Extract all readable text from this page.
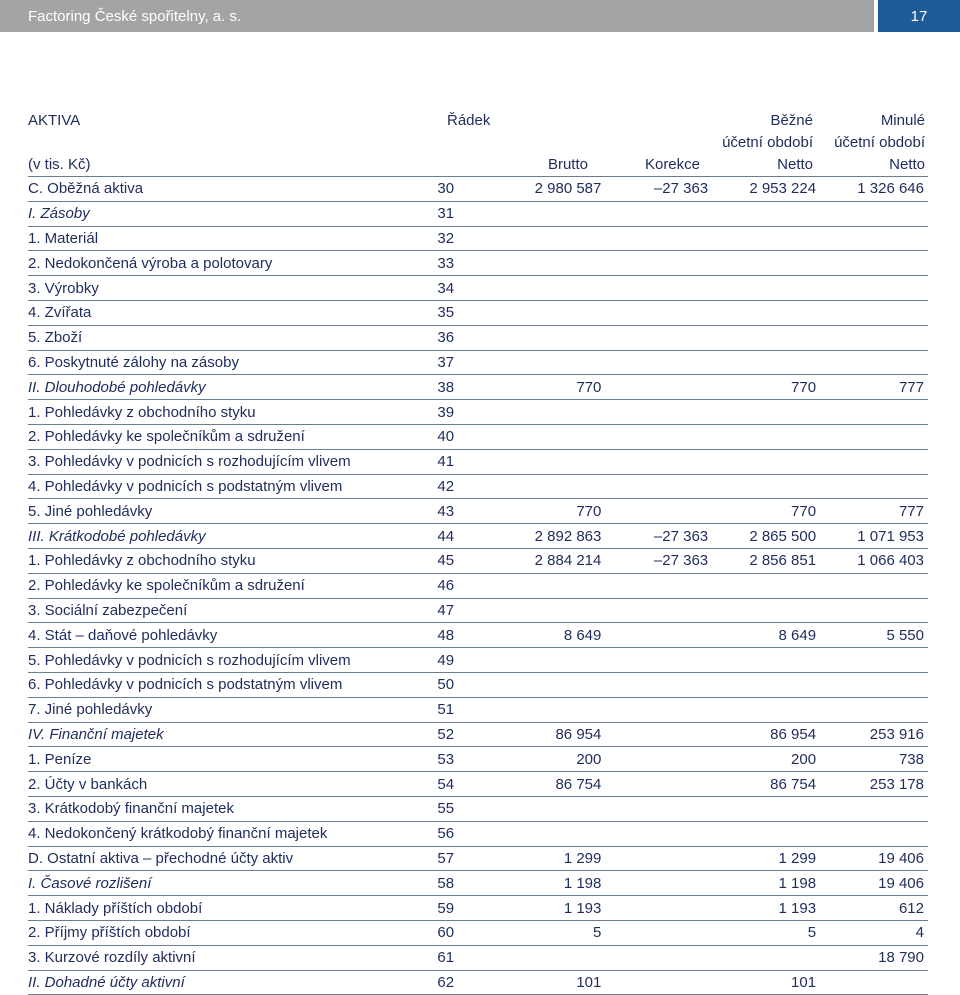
Factoring České spořitelny, a. s.	17
AKTIVA
(v tis. Kč)
Řádek	Běžné
účetní období
Minulé
účetní období
Brutto	Korekce	Netto	Netto
C. Oběžná aktiva	30	2 980 587	–27 363	2 953 224	1 326 646
I. Zásoby	31				
1. Materiál	32				
2. Nedokončená výroba a polotovary	33				
3. Výrobky	34				
4. Zvířata	35				
5. Zboží	36				
6. Poskytnuté zálohy na zásoby	37				
II. Dlouhodobé pohledávky	38	770		770	777
1. Pohledávky z obchodního styku	39				
2. Pohledávky ke společníkům a sdružení	40				
3. Pohledávky v podnicích s rozhodujícím vlivem	41				
4. Pohledávky v podnicích s podstatným vlivem	42				
5. Jiné pohledávky	43	770		770	777
III. Krátkodobé pohledávky	44	2 892 863	–27 363	2 865 500	1 071 953
1. Pohledávky z obchodního styku	45	2 884 214	–27 363	2 856 851	1 066 403
2. Pohledávky ke společníkům a sdružení	46				
3. Sociální zabezpečení	47				
4. Stát – daňové pohledávky	48	8 649		8 649	5 550
5. Pohledávky v podnicích s rozhodujícím vlivem	49				
6. Pohledávky v podnicích s podstatným vlivem	50				
7. Jiné pohledávky	51				
IV. Finanční majetek	52	86 954		86 954	253 916
1. Peníze	53	200		200	738
2. Účty v bankách	54	86 754		86 754	253 178
3. Krátkodobý finanční majetek	55				
4. Nedokončený krátkodobý finanční majetek	56				
D. Ostatní aktiva – přechodné účty aktiv	57	1 299		1 299	19 406
I. Časové rozlišení	58	1 198		1 198	19 406
1. Náklady příštích období	59	1 193		1 193	612
2. Příjmy příštích období	60	5		5	4
3. Kurzové rozdíly aktivní	61				18 790
II. Dohadné účty aktivní	62	101		101	
